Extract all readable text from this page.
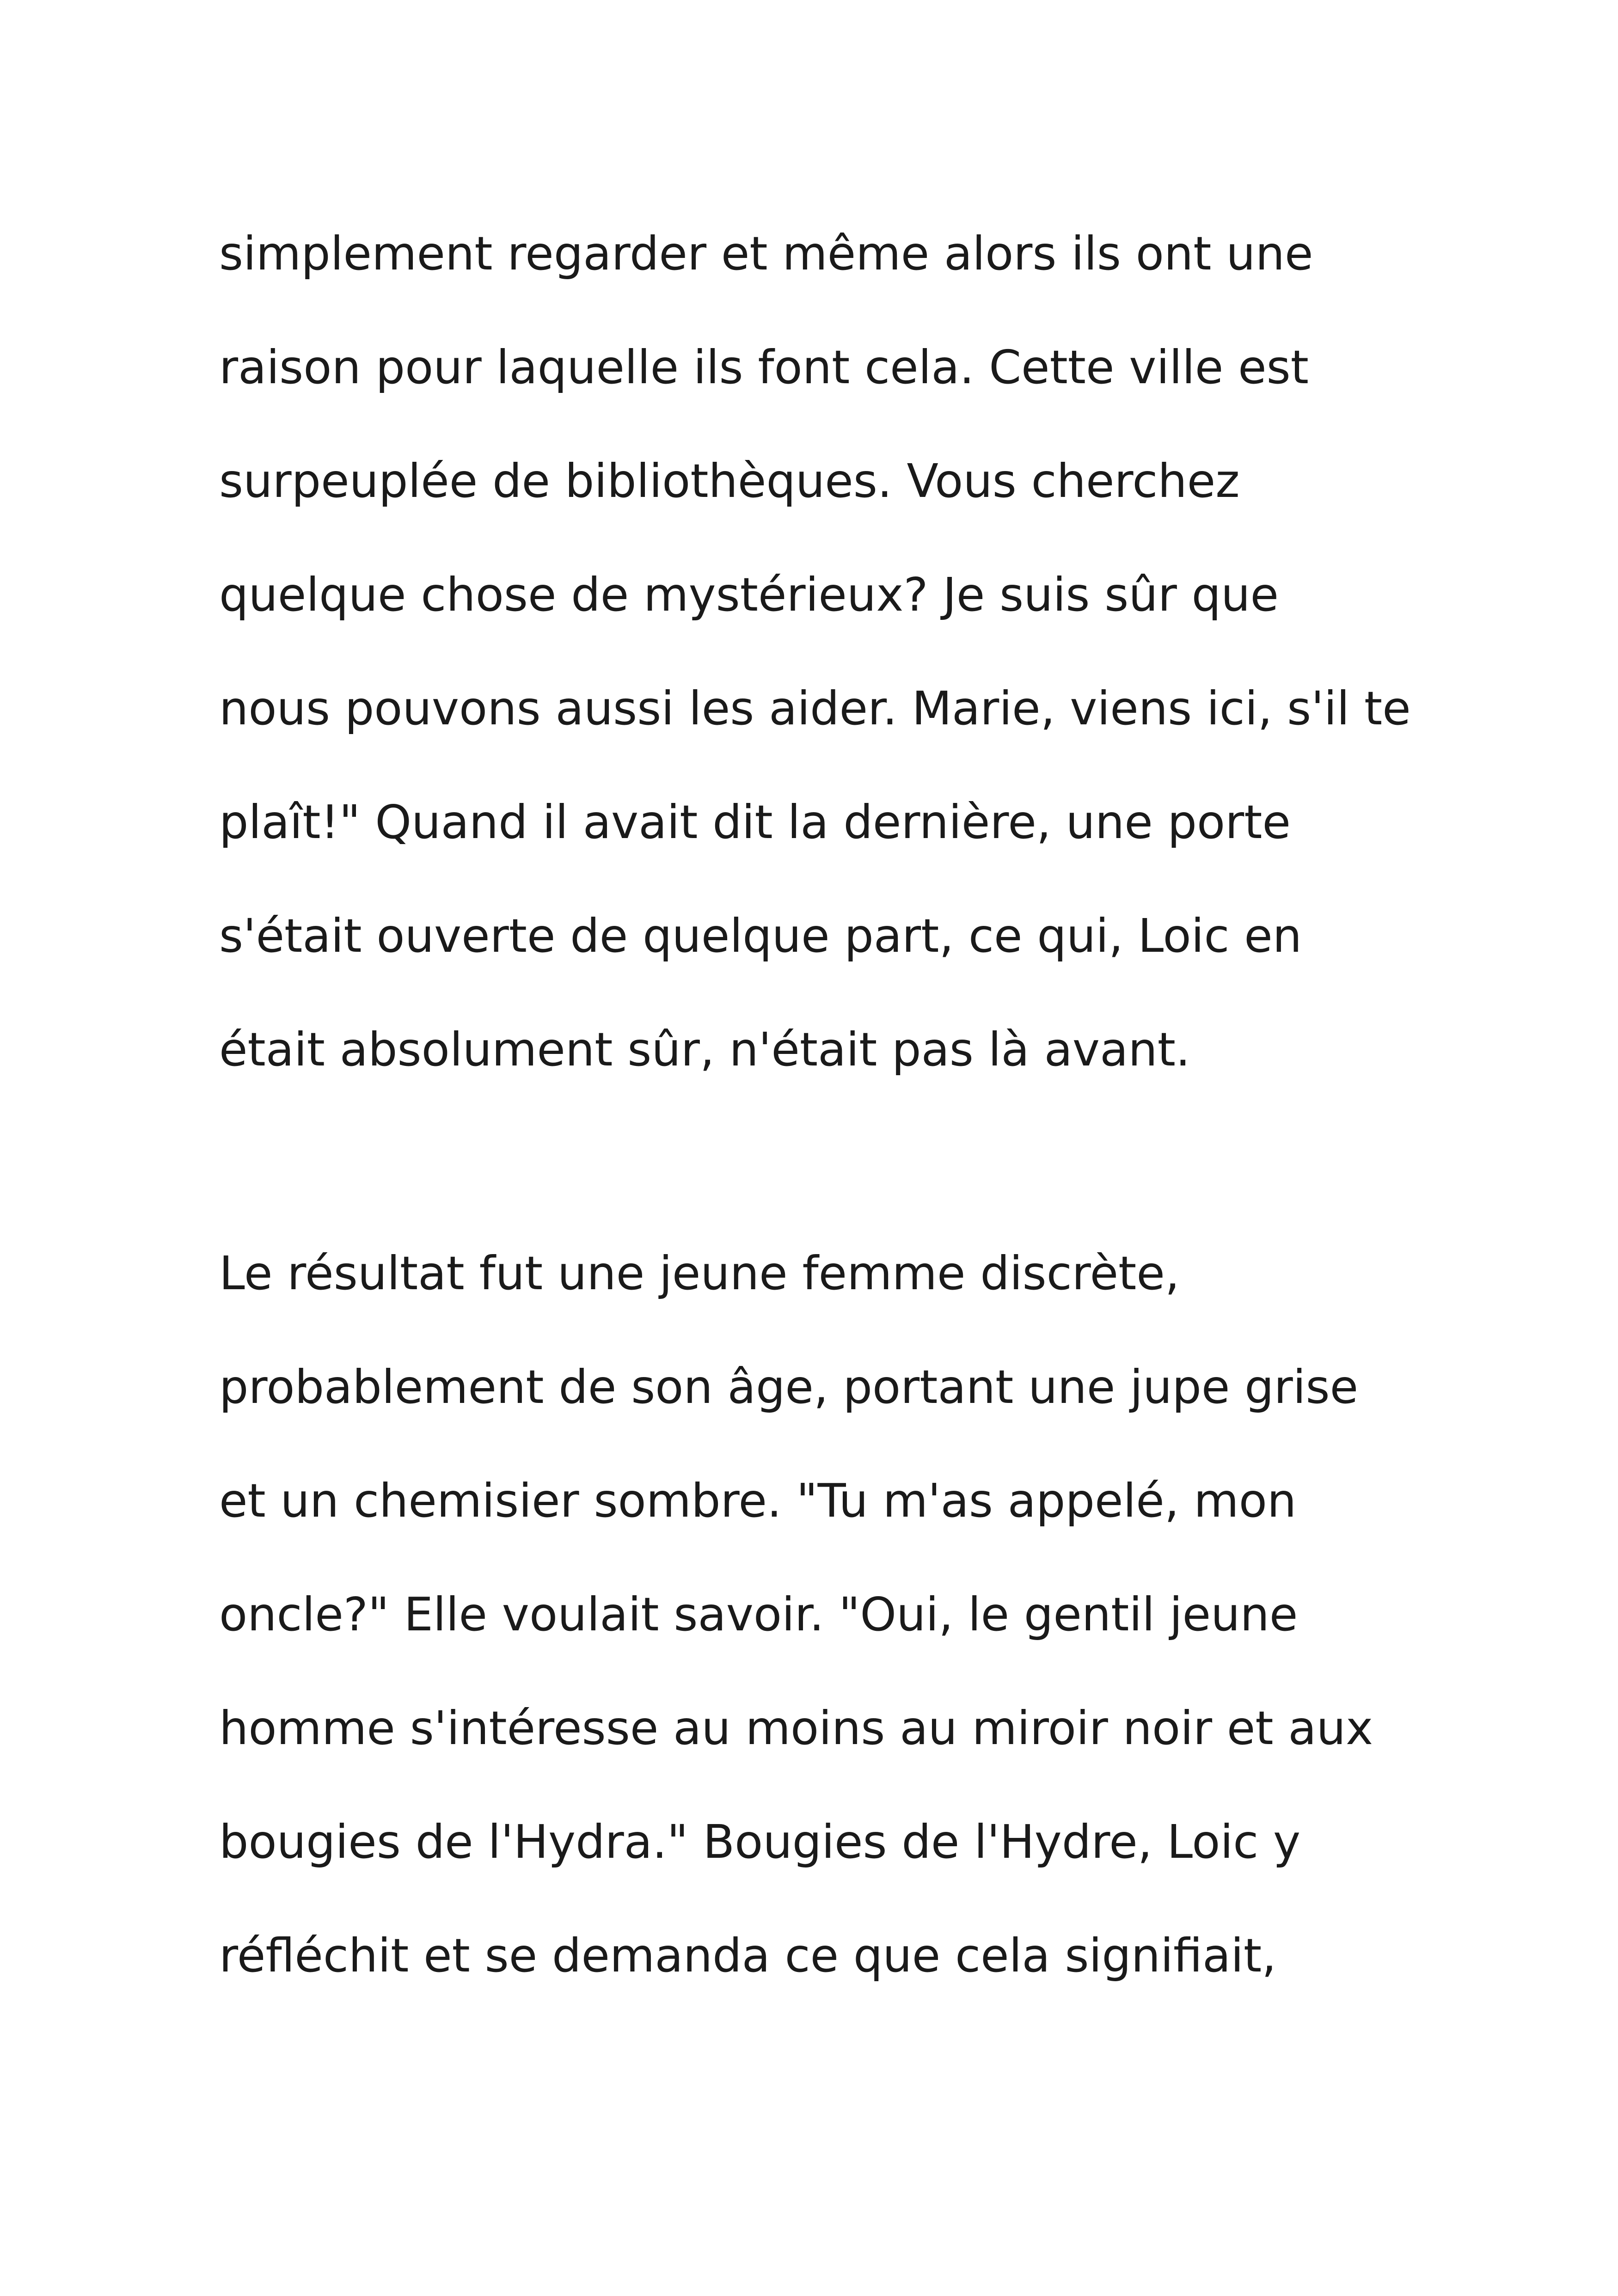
simplement regarder et même alors ils ont une
raison pour laquelle ils font cela. Cette ville est
surpeuplée de bibliothèques. Vous cherchez
quelque chose de mystérieux? Je suis sûr que
nous pouvons aussi les aider. Marie, viens ici, s'il te
plaît!" Quand il avait dit la dernière, une porte
s'était ouverte de quelque part, ce qui, Loic en
était absolument sûr, n'était pas là avant.
Le résultat fut une jeune femme discrète,
probablement de son âge, portant une jupe grise
et un chemisier sombre. "Tu m'as appelé, mon
oncle?" Elle voulait savoir. "Oui, le gentil jeune
homme s'intéresse au moins au miroir noir et aux
bougies de l'Hydra." Bougies de l'Hydre, Loic y
réfléchit et se demanda ce que cela signifiait,
